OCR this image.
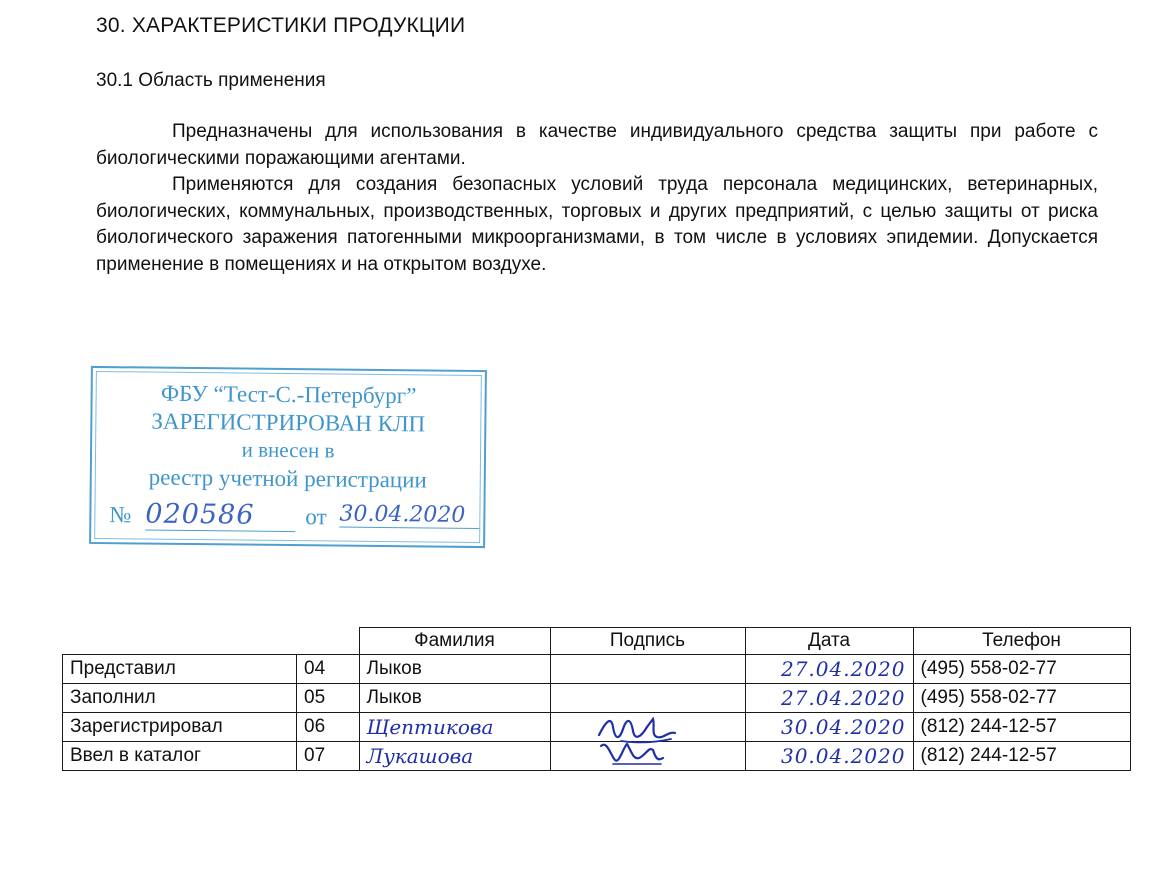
30. ХАРАКТЕРИСТИКИ ПРОДУКЦИИ
30.1 Область применения

Предназначены для использования в качестве индивидуального средства защиты при работе с биологическими поражающими агентами.

Применяются для создания безопасных условий труда персонала медицинских, ветеринарных, биологических, коммунальных, производственных, торговых и других предприятий, с целью защиты от риска биологического заражения патогенными микроорганизмами, в том числе в условиях эпидемии. Допускается применение в помещениях и на открытом воздухе.

ФБУ “Тест-С.-Петербург”
ЗАРЕГИСТРИРОВАН КЛП
и внесен в
реестр учетной регистрации
№ 020586	от 30.04.2020
		Фамилия	Подпись	Дата	Телефон
Представил	04	Лыков		27.04.2020	(495) 558-02-77
Заполнил	05	Лыков		27.04.2020	(495) 558-02-77
Зарегистрировал	06	Щептикова		30.04.2020	(812) 244-12-57
Ввел в каталог	07	Лукашова		30.04.2020	(812) 244-12-57
